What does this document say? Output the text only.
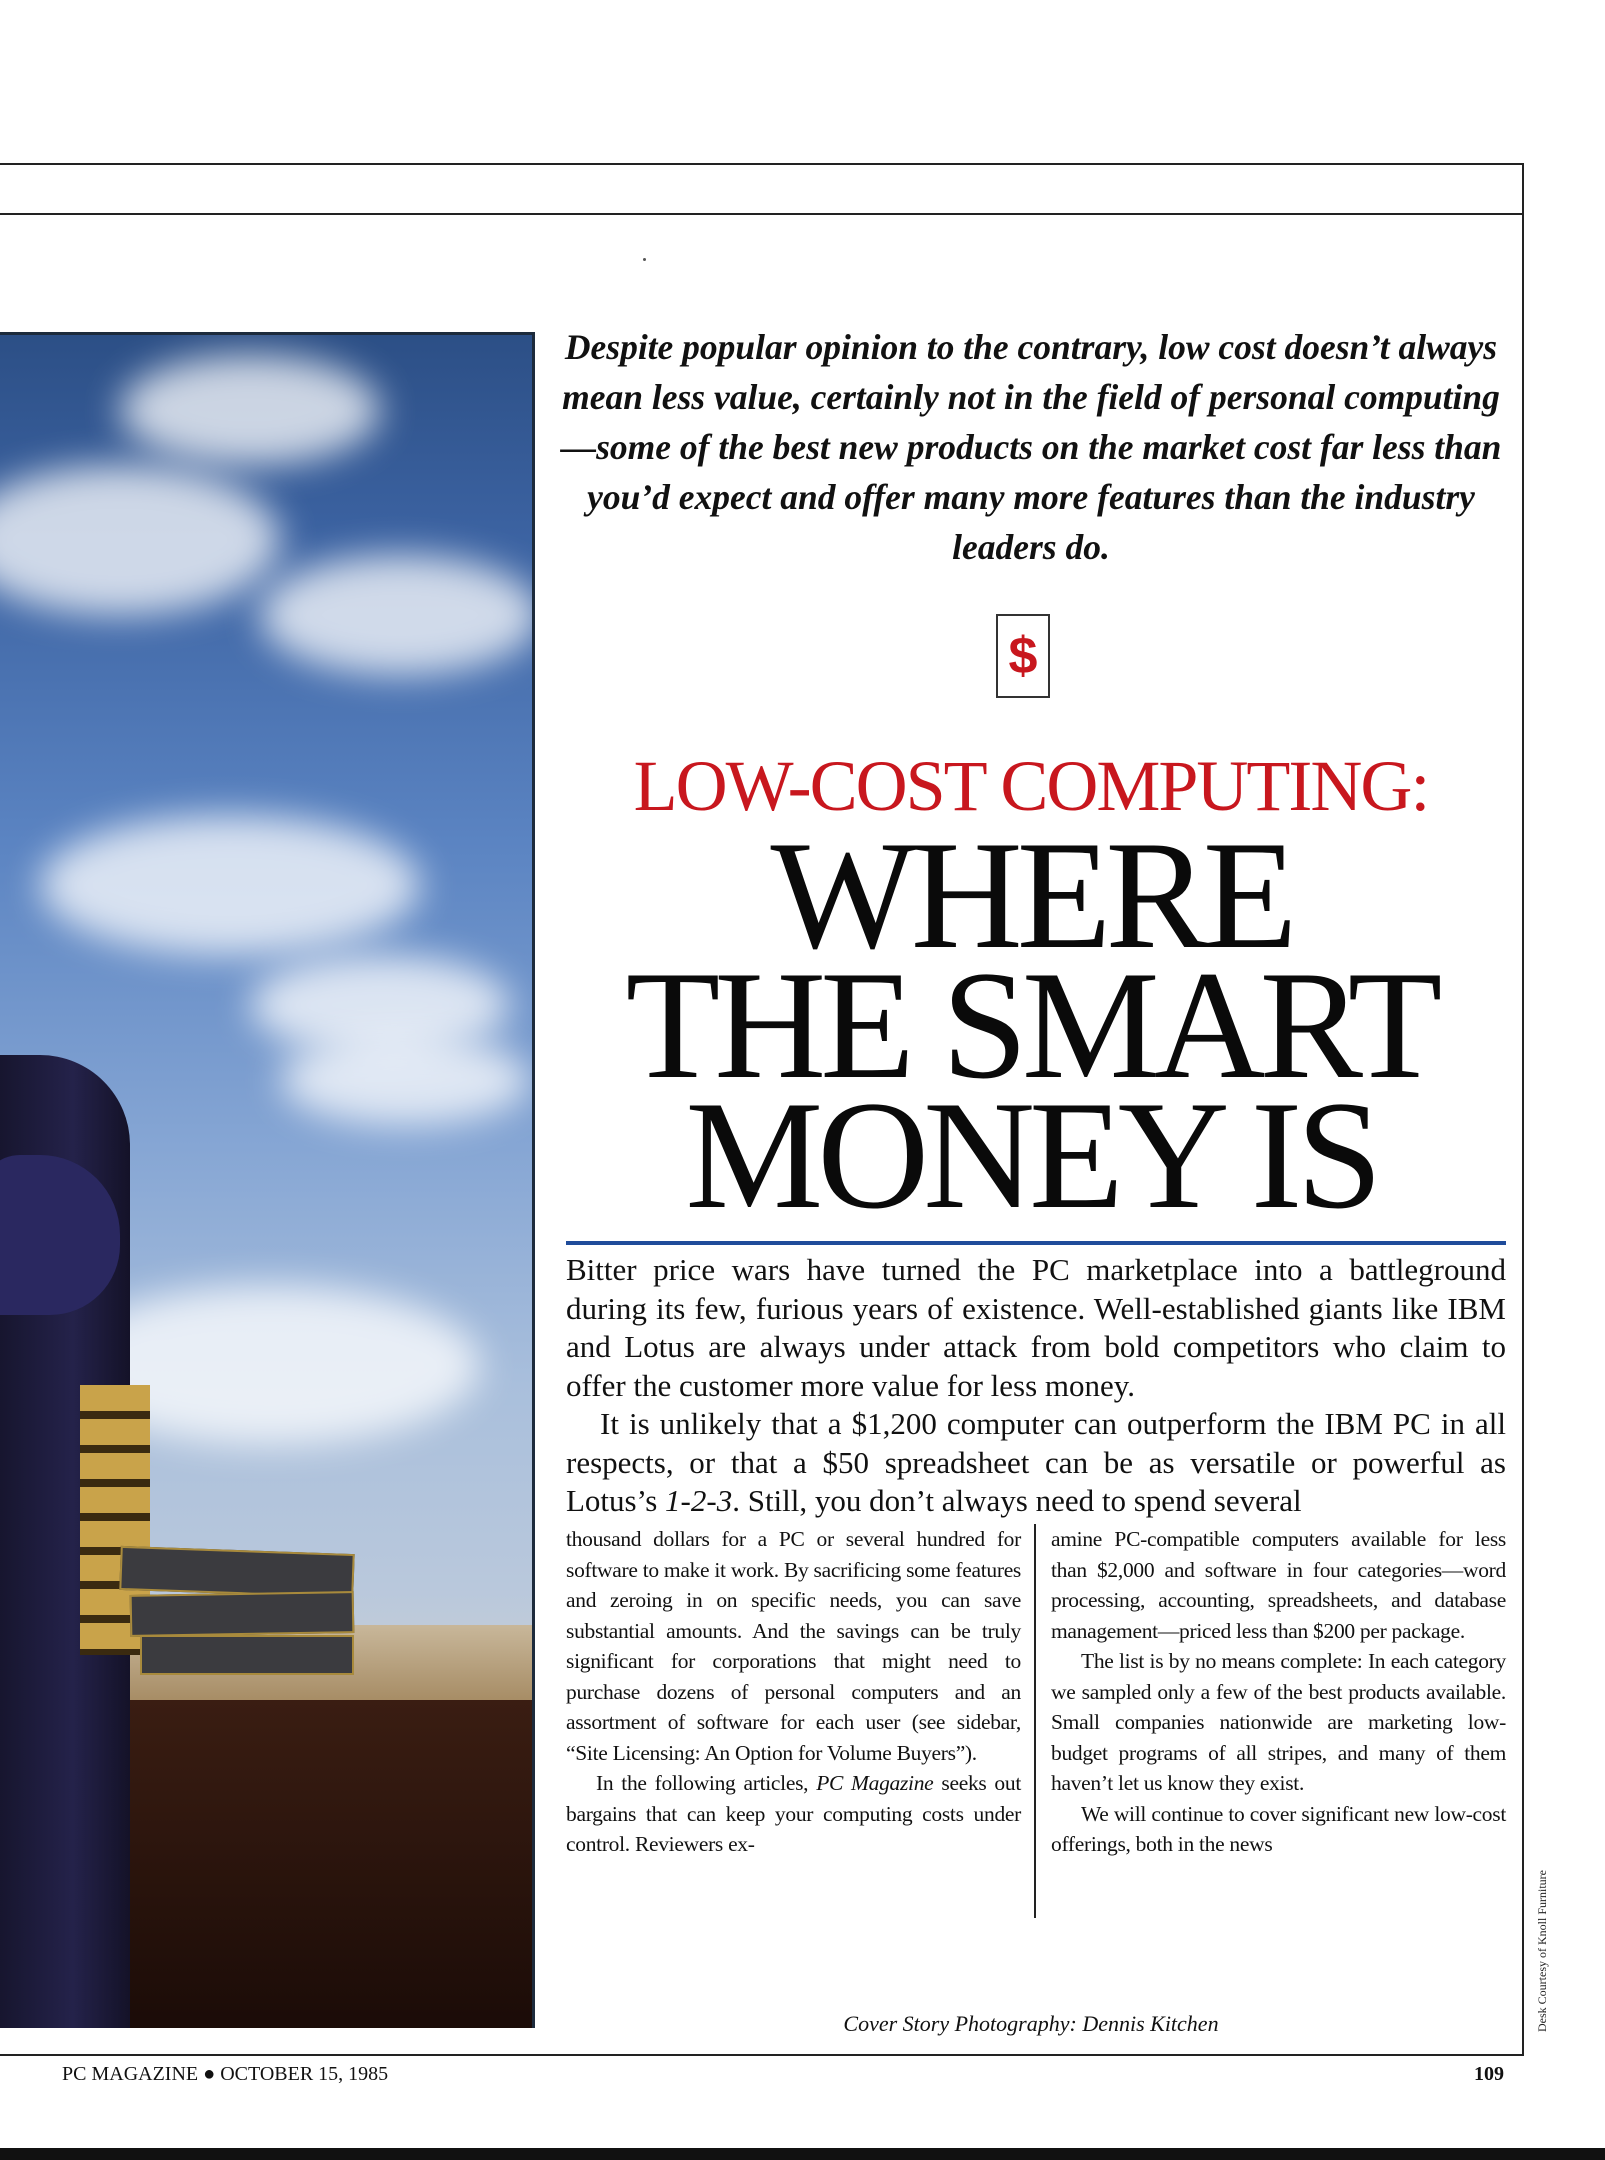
Despite popular opinion to the contrary, low cost doesn’t always mean less value, certainly not in the field of personal computing—some of the best new products on the market cost far less than you’d expect and offer many more features than the industry leaders do.
$
LOW-COST COMPUTING:
WHERE
THE SMART
MONEY IS

Bitter price wars have turned the PC marketplace into a battleground during its few, furious years of existence. Well-established giants like IBM and Lotus are always under attack from bold competitors who claim to offer the customer more value for less money.

It is unlikely that a $1,200 computer can outperform the IBM PC in all respects, or that a $50 spreadsheet can be as versatile or powerful as Lotus’s 1-2-3. Still, you don’t always need to spend several

thousand dollars for a PC or several hundred for software to make it work. By sacrificing some features and zeroing in on specific needs, you can save substantial amounts. And the savings can be truly significant for corporations that might need to purchase dozens of personal computers and an assortment of software for each user (see sidebar, “Site Licensing: An Option for Volume Buyers”).

In the following articles, PC Magazine seeks out bargains that can keep your computing costs under control. Reviewers ex-

amine PC-compatible computers available for less than $2,000 and software in four categories—word processing, accounting, spreadsheets, and database management—priced less than $200 per package.

The list is by no means complete: In each category we sampled only a few of the best products available. Small companies nationwide are marketing low-budget programs of all stripes, and many of them haven’t let us know they exist.

We will continue to cover significant new low-cost offerings, both in the news

Cover Story Photography: Dennis Kitchen
PC MAGAZINE ● OCTOBER 15, 1985	109
Desk Courtesy of Knoll Furniture
